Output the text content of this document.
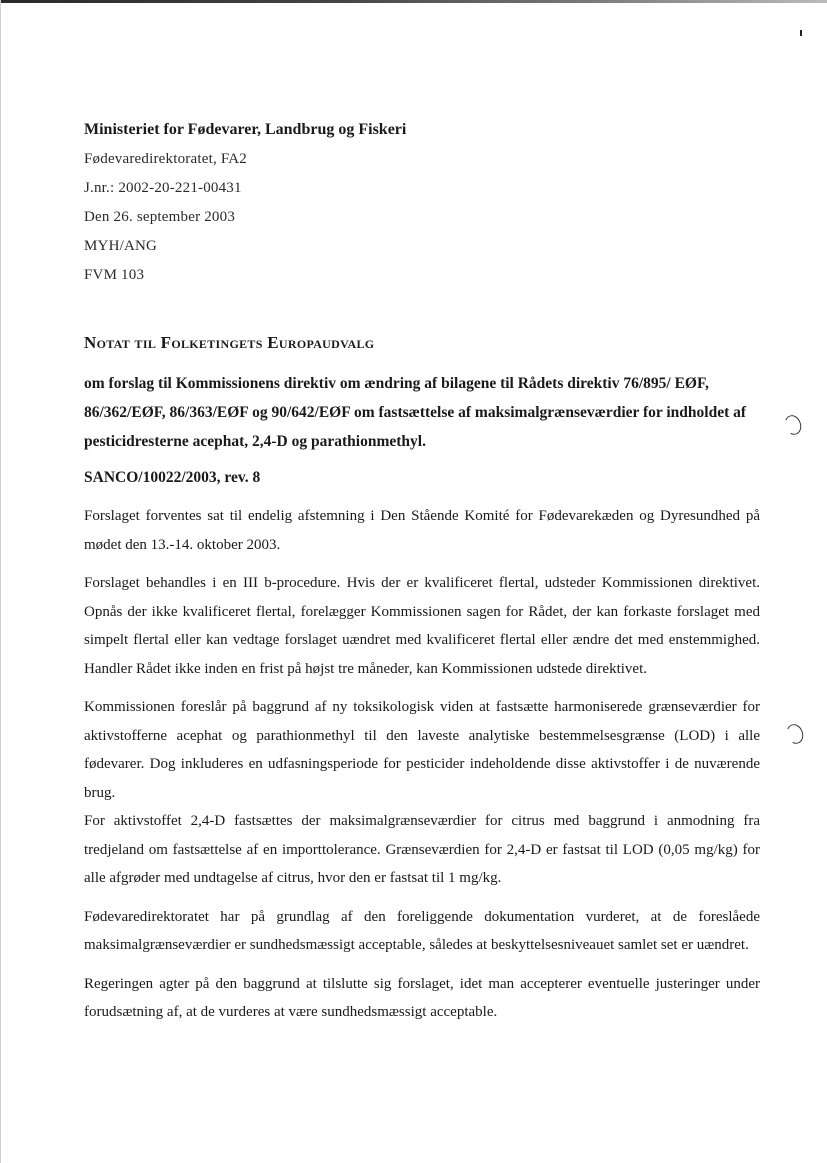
Ministeriet for Fødevarer, Landbrug og Fiskeri

Fødevaredirektoratet, FA2

J.nr.: 2002-20-221-00431

Den 26. september 2003

MYH/ANG

FVM 103

Notat til Folketingets Europaudvalg

om forslag til Kommissionens direktiv om ændring af bilagene til Rådets direktiv 76/895/ EØF, 86/362/EØF, 86/363/EØF og 90/642/EØF om fastsættelse af maksimalgrænseværdier for indholdet af pesticidresterne acephat, 2,4-D og parathionmethyl.

SANCO/10022/2003, rev. 8

Forslaget forventes sat til endelig afstemning i Den Stående Komité for Fødevarekæden og Dyresundhed på mødet den 13.-14. oktober 2003.

Forslaget behandles i en III b-procedure. Hvis der er kvalificeret flertal, udsteder Kommissionen direktivet. Opnås der ikke kvalificeret flertal, forelægger Kommissionen sagen for Rådet, der kan forkaste forslaget med simpelt flertal eller kan vedtage forslaget uændret med kvalificeret flertal eller ændre det med enstemmighed. Handler Rådet ikke inden en frist på højst tre måneder, kan Kommissionen udstede direktivet.

Kommissionen foreslår på baggrund af ny toksikologisk viden at fastsætte harmoniserede grænseværdier for aktivstofferne acephat og parathionmethyl til den laveste analytiske bestemmelsesgrænse (LOD) i alle fødevarer. Dog inkluderes en udfasningsperiode for pesticider indeholdende disse aktivstoffer i de nuværende brug.

For aktivstoffet 2,4-D fastsættes der maksimalgrænseværdier for citrus med baggrund i anmodning fra tredjeland om fastsættelse af en importtolerance. Grænseværdien for 2,4-D er fastsat til LOD (0,05 mg/kg) for alle afgrøder med undtagelse af citrus, hvor den er fastsat til 1 mg/kg.

Fødevaredirektoratet har på grundlag af den foreliggende dokumentation vurderet, at de foreslåede maksimalgrænseværdier er sundhedsmæssigt acceptable, således at beskyttelsesniveauet samlet set er uændret.

Regeringen agter på den baggrund at tilslutte sig forslaget, idet man accepterer eventuelle justeringer under forudsætning af, at de vurderes at være sundhedsmæssigt acceptable.
